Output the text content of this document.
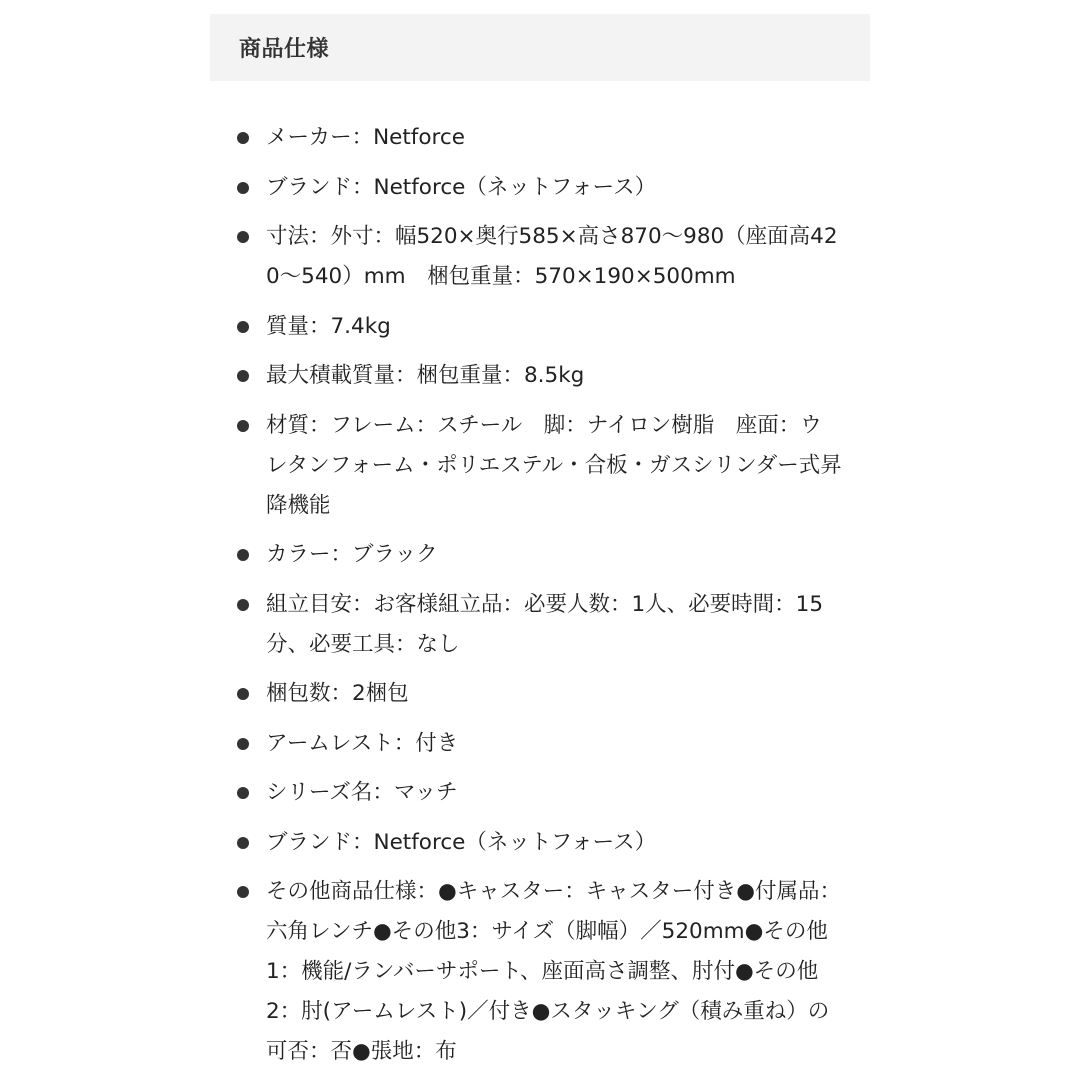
商品仕様
メーカー：Netforce
ブランド：Netforce（ネットフォース）
寸法：外寸：幅520×奥行585×高さ870〜980（座面高420〜540）mm　梱包重量：570×190×500mm
質量：7.4kg
最大積載質量：梱包重量：8.5kg
材質：フレーム：スチール　脚：ナイロン樹脂　座面：ウレタンフォーム・ポリエステル・合板・ガスシリンダー式昇降機能
カラー：ブラック
組立目安：お客様組立品：必要人数：1人、必要時間：15分、必要工具：なし
梱包数：2梱包
アームレスト：付き
シリーズ名：マッチ
ブランド：Netforce（ネットフォース）
その他商品仕様：●キャスター：キャスター付き●付属品：六角レンチ●その他3：サイズ（脚幅）／520mm●その他1：機能/ランバーサポート、座面高さ調整、肘付●その他2：肘(アームレスト)／付き●スタッキング（積み重ね）の可否：否●張地：布
